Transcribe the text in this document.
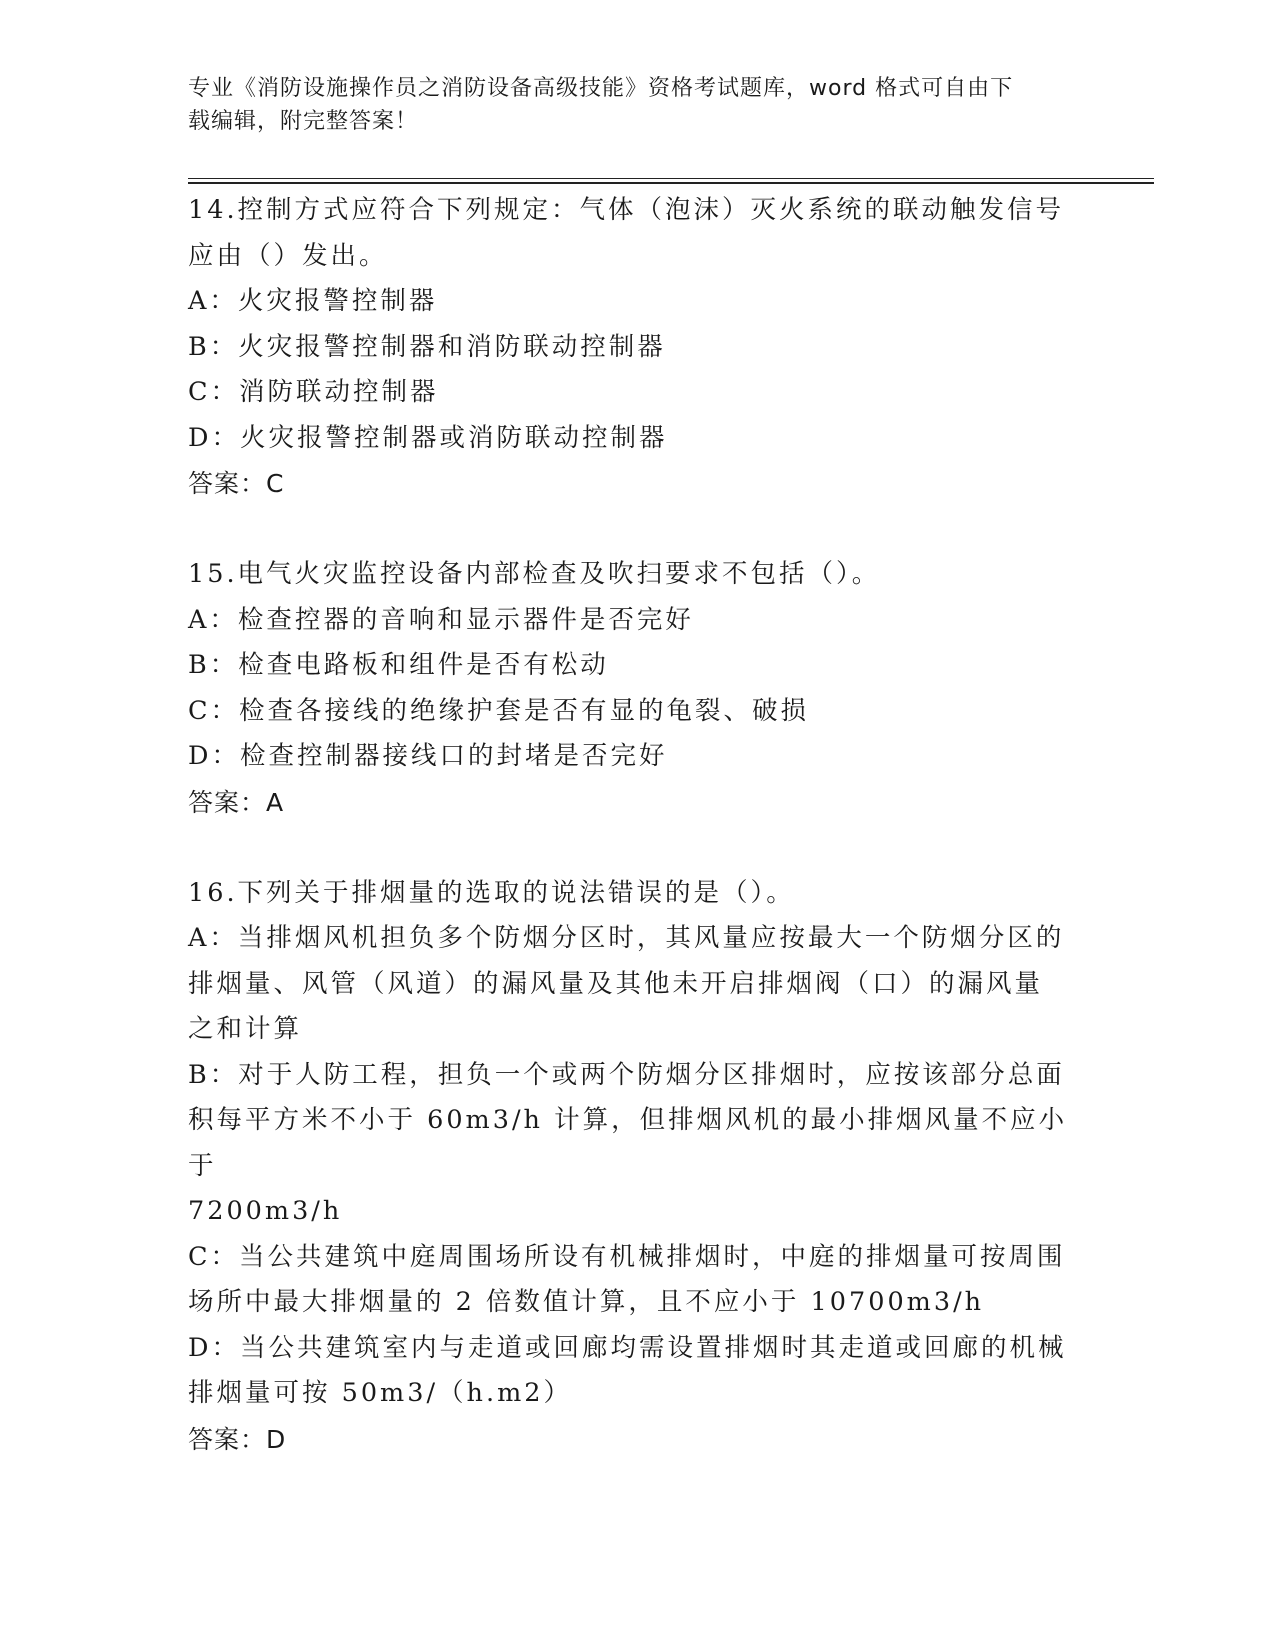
专业《消防设施操作员之消防设备高级技能》资格考试题库，word 格式可自由下
载编辑，附完整答案！
14.控制方式应符合下列规定：气体（泡沫）灭火系统的联动触发信号
应由（）发出。
A：火灾报警控制器
B：火灾报警控制器和消防联动控制器
C：消防联动控制器
D：火灾报警控制器或消防联动控制器
答案：C
15.电气火灾监控设备内部检查及吹扫要求不包括（）。
A：检查控器的音响和显示器件是否完好
B：检查电路板和组件是否有松动
C：检查各接线的绝缘护套是否有显的龟裂、破损
D：检查控制器接线口的封堵是否完好
答案：A
16.下列关于排烟量的选取的说法错误的是（）。
A：当排烟风机担负多个防烟分区时，其风量应按最大一个防烟分区的
排烟量、风管（风道）的漏风量及其他未开启排烟阀（口）的漏风量
之和计算
B：对于人防工程，担负一个或两个防烟分区排烟时，应按该部分总面
积每平方米不小于 60m3/h 计算，但排烟风机的最小排烟风量不应小于
7200m3/h
C：当公共建筑中庭周围场所设有机械排烟时，中庭的排烟量可按周围
场所中最大排烟量的 2 倍数值计算，且不应小于 10700m3/h
D：当公共建筑室内与走道或回廊均需设置排烟时其走道或回廊的机械
排烟量可按 50m3/（h.m2）
答案：D
